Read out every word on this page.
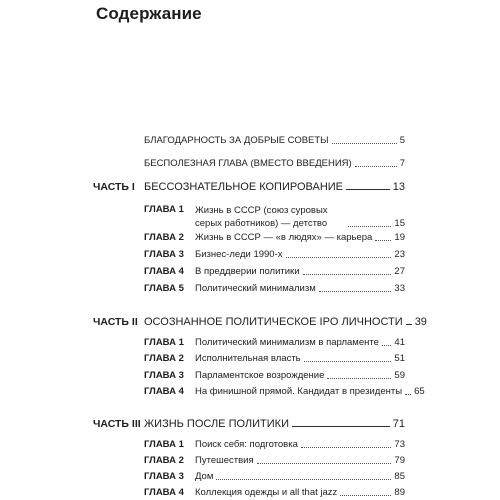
Содержание
БЛАГОДАРНОСТЬ ЗА ДОБРЫЕ СОВЕТЫ	5
БЕСПОЛЕЗНАЯ ГЛАВА (ВМЕСТО ВВЕДЕНИЯ)	7
ЧАСТЬ I БЕССОЗНАТЕЛЬНОЕ КОПИРОВАНИЕ	13
ГЛАВА 1 Жизнь в СССР (союз суровых серых работников) — детство	15
ГЛАВА 2 Жизнь в СССР — «в людях» — карьера 19
ГЛАВА 3 Бизнес-леди 1990-х	23
ГЛАВА 4 В преддверии политики	27
ГЛАВА 5 Политический минимализм	33
ЧАСТЬ II ОСОЗНАННОЕ ПОЛИТИЧЕСКОЕ IPO ЛИЧНОСТИ 39
ГЛАВА 1 Политический минимализм в парламенте 41
ГЛАВА 2 Исполнительная власть	51
ГЛАВА 3 Парламентское возрождение	59
ГЛАВА 4 На финишной прямой. Кандидат в президенты 65
ЧАСТЬ III ЖИЗНЬ ПОСЛЕ ПОЛИТИКИ	71
ГЛАВА 1 Поиск себя: подготовка	73
ГЛАВА 2 Путешествия	79
ГЛАВА 3 Дом	85
ГЛАВА 4 Коллекция одежды и all that jazz	89
